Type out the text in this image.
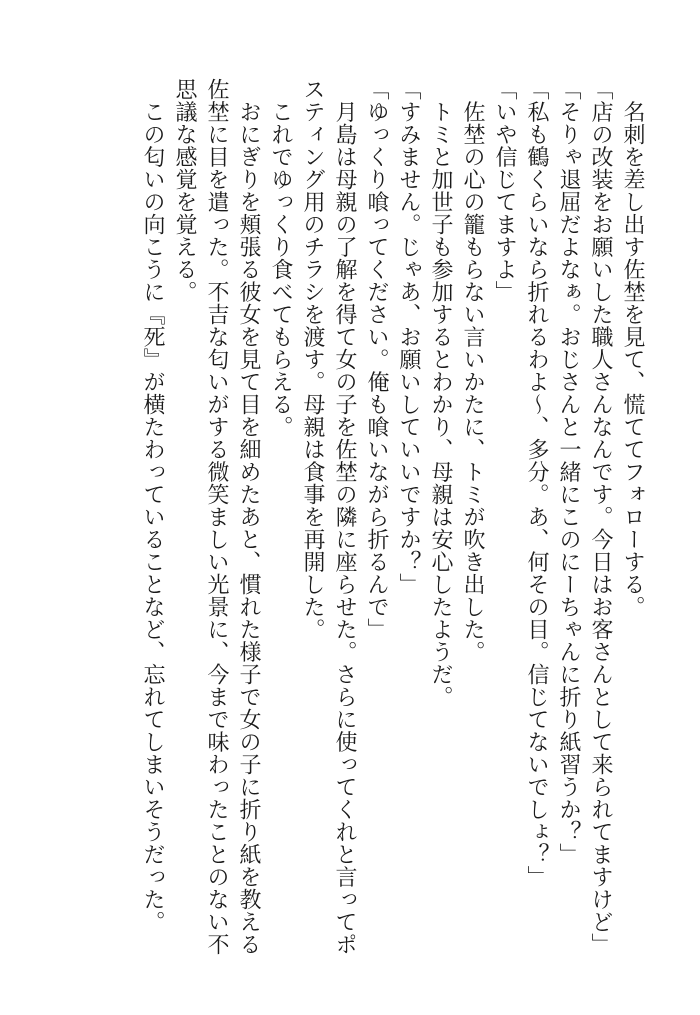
　名刺を差し出す佐埜を見て、慌ててフォローする。

「店の改装をお願いした職人さんなんです。今日はお客さんとして来られてますけど」

「そりゃ退屈だよなぁ。おじさんと一緒にこのにーちゃんに折り紙習うか？」

「私も鶴くらいなら折れるわよ〜、多分。あ、何その目。信じてないでしょ？」

「いや信じてますよ」

　佐埜の心の籠もらない言いかたに、トミが吹き出した。

　トミと加世子も参加するとわかり、母親は安心したようだ。

「すみません。じゃあ、お願いしていいですか？」

「ゆっくり喰ってください。俺も喰いながら折るんで」

　月島は母親の了解を得て女の子を佐埜の隣に座らせた。さらに使ってくれと言ってポスティング用のチラシを渡す。母親は食事を再開した。

　これでゆっくり食べてもらえる。

　おにぎりを頬張る彼女を見て目を細めたあと、慣れた様子で女の子に折り紙を教える佐埜に目を遣った。不吉な匂いがする微笑ましい光景に、今まで味わったことのない不思議な感覚を覚える。

　この匂いの向こうに『死』が横たわっていることなど、忘れてしまいそうだった。
